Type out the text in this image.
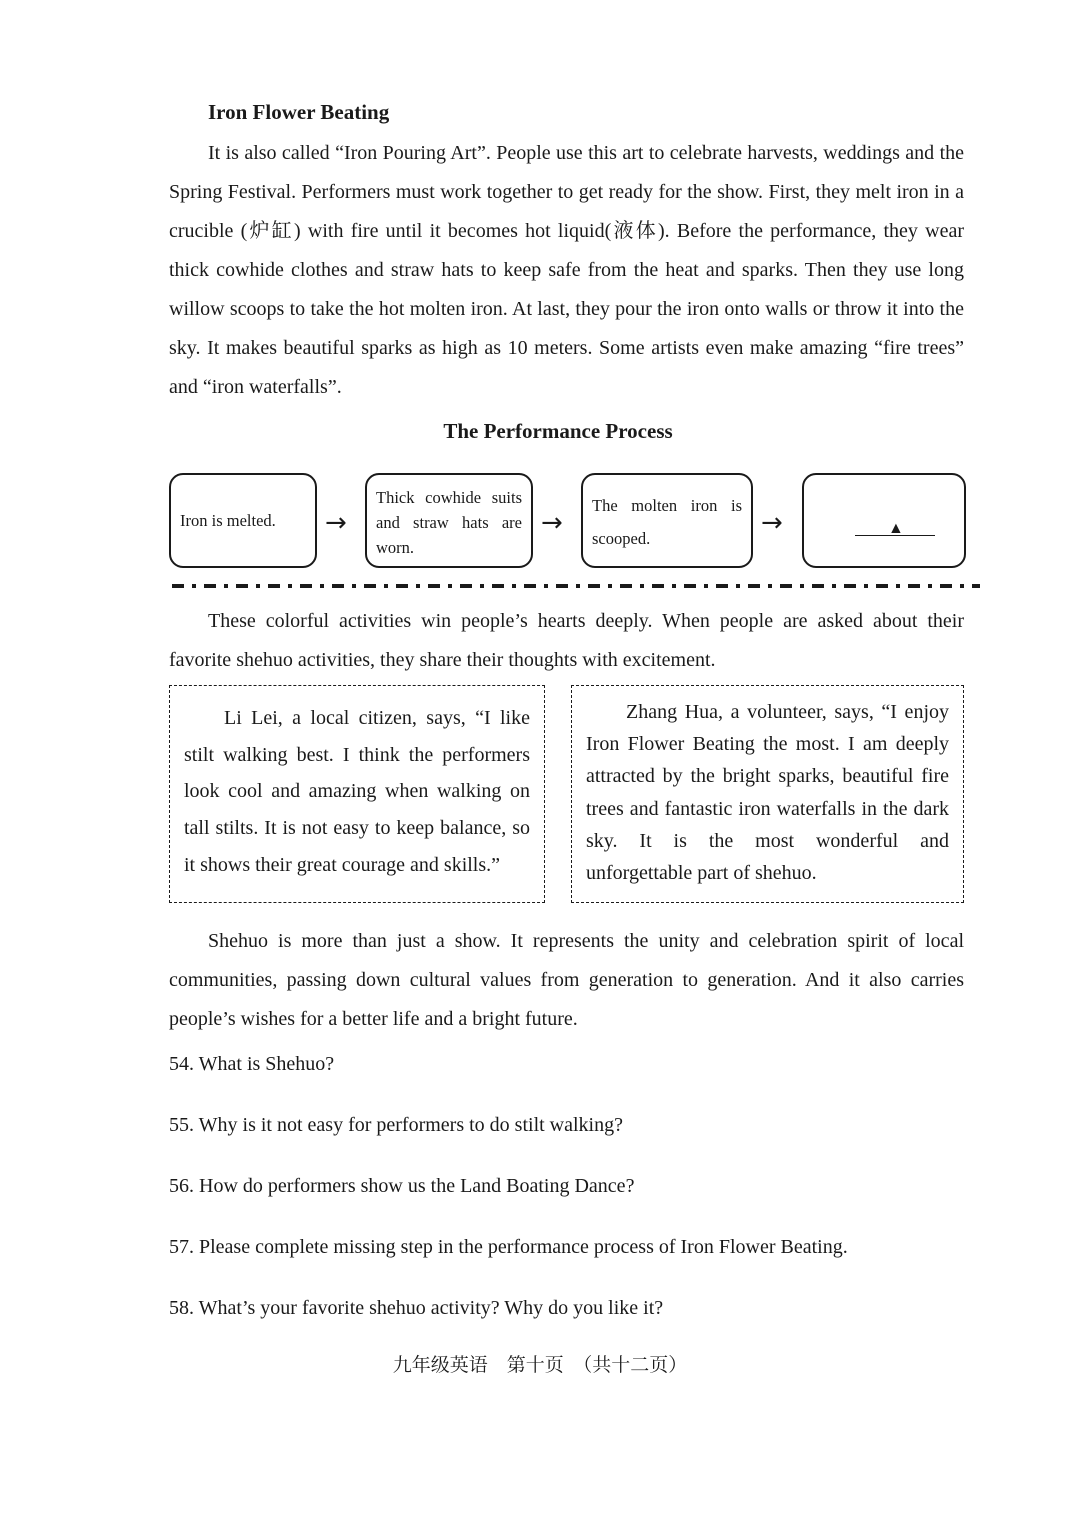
Iron Flower Beating

It is also called “Iron Pouring Art”. People use this art to celebrate harvests, weddings and the Spring Festival. Performers must work together to get ready for the show. First, they melt iron in a crucible (炉缸) with fire until it becomes hot liquid(液体). Before the performance, they wear thick cowhide clothes and straw hats to keep safe from the heat and sparks. Then they use long willow scoops to take the hot molten iron. At last, they pour the iron onto walls or throw it into the sky. It makes beautiful sparks as high as 10 meters. Some artists even make amazing “fire trees” and “iron waterfalls”.

The Performance Process
Iron is melted. →
Thick cowhide suits and straw hats are worn.
→
The molten iron is scooped.
→	▲

These colorful activities win people’s hearts deeply. When people are asked about their favorite shehuo activities, they share their thoughts with excitement.

Li Lei, a local citizen, says, “I like stilt walking best. I think the performers look cool and amazing when walking on tall stilts. It is not easy to keep balance, so it shows their great courage and skills.”
Zhang Hua, a volunteer, says, “I enjoy Iron Flower Beating the most. I am deeply attracted by the bright sparks, beautiful fire trees and fantastic iron waterfalls in the dark sky. It is the most wonderful and unforgettable part of shehuo.

Shehuo is more than just a show. It represents the unity and celebration spirit of local communities, passing down cultural values from generation to generation. And it also carries people’s wishes for a better life and a bright future.

54. What is Shehuo?
55. Why is it not easy for performers to do stilt walking?
56. How do performers show us the Land Boating Dance?
57. Please complete missing step in the performance process of Iron Flower Beating.
58. What’s your favorite shehuo activity? Why do you like it?
九年级英语　第十页　（共十二页）
